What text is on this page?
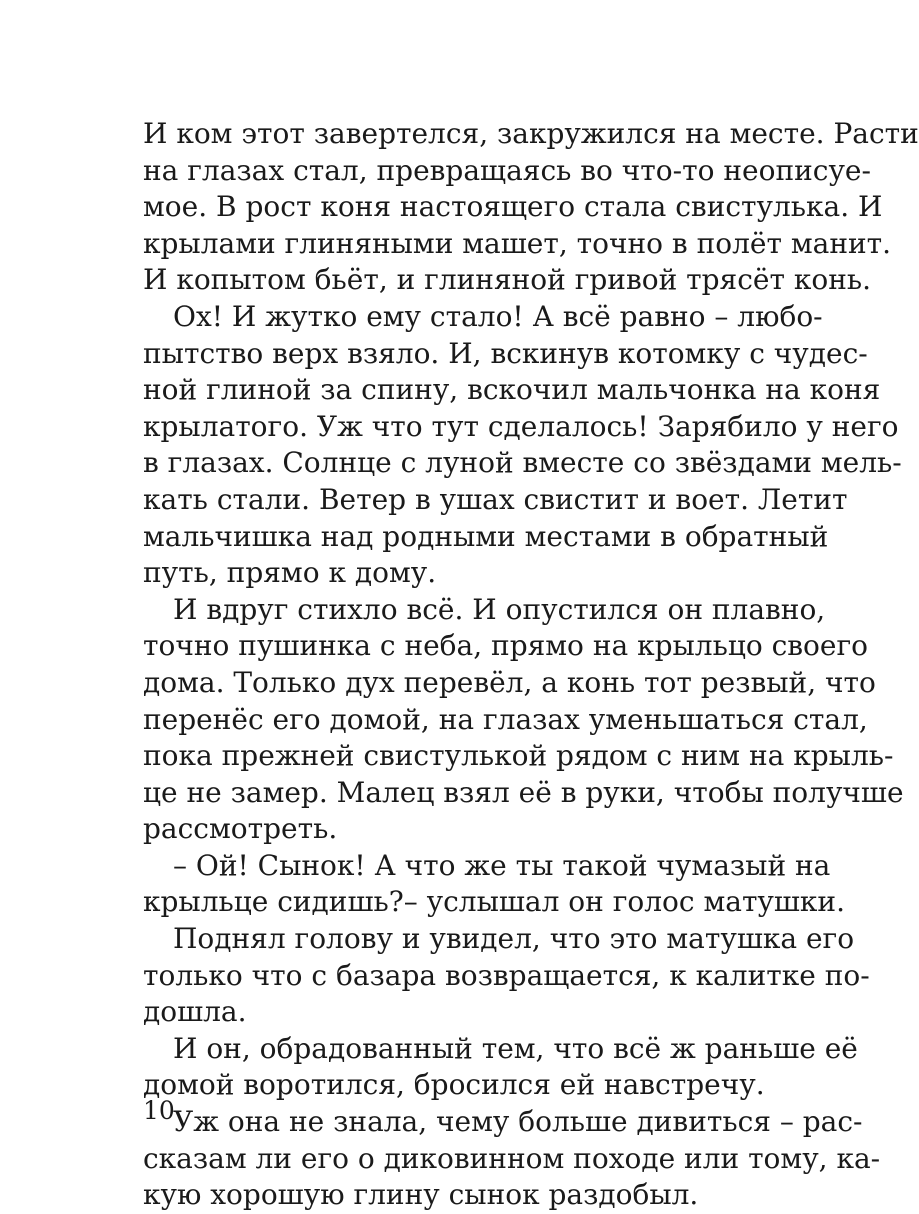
И ком этот завертелся, закружился на месте. Расти
на глазах стал, превращаясь во что-то неописуе-
мое. В рост коня настоящего стала свистулька. И
крылами глиняными машет, точно в полёт манит.
И копытом бьёт, и глиняной гривой трясёт конь.
Ох! И жутко ему стало! А всё равно – любо-
пытство верх взяло. И, вскинув котомку с чудес-
ной глиной за спину, вскочил мальчонка на коня
крылатого. Уж что тут сделалось! Зарябило у него
в глазах. Солнце с луной вместе со звёздами мель-
кать стали. Ветер в ушах свистит и воет. Летит
мальчишка над родными местами в обратный
путь, прямо к дому.
И вдруг стихло всё. И опустился он плавно,
точно пушинка с неба, прямо на крыльцо своего
дома. Только дух перевёл, а конь тот резвый, что
перенёс его домой, на глазах уменьшаться стал,
пока прежней свистулькой рядом с ним на крыль-
це не замер. Малец взял её в руки, чтобы получше
рассмотреть.
– Ой! Сынок! А что же ты такой чумазый на
крыльце сидишь?– услышал он голос матушки.
Поднял голову и увидел, что это матушка его
только что с базара возвращается, к калитке по-
дошла.
И он, обрадованный тем, что всё ж раньше её
домой воротился, бросился ей навстречу.
Уж она не знала, чему больше дивиться – рас-
сказам ли его о диковинном походе или тому, ка-
кую хорошую глину сынок раздобыл.
10
